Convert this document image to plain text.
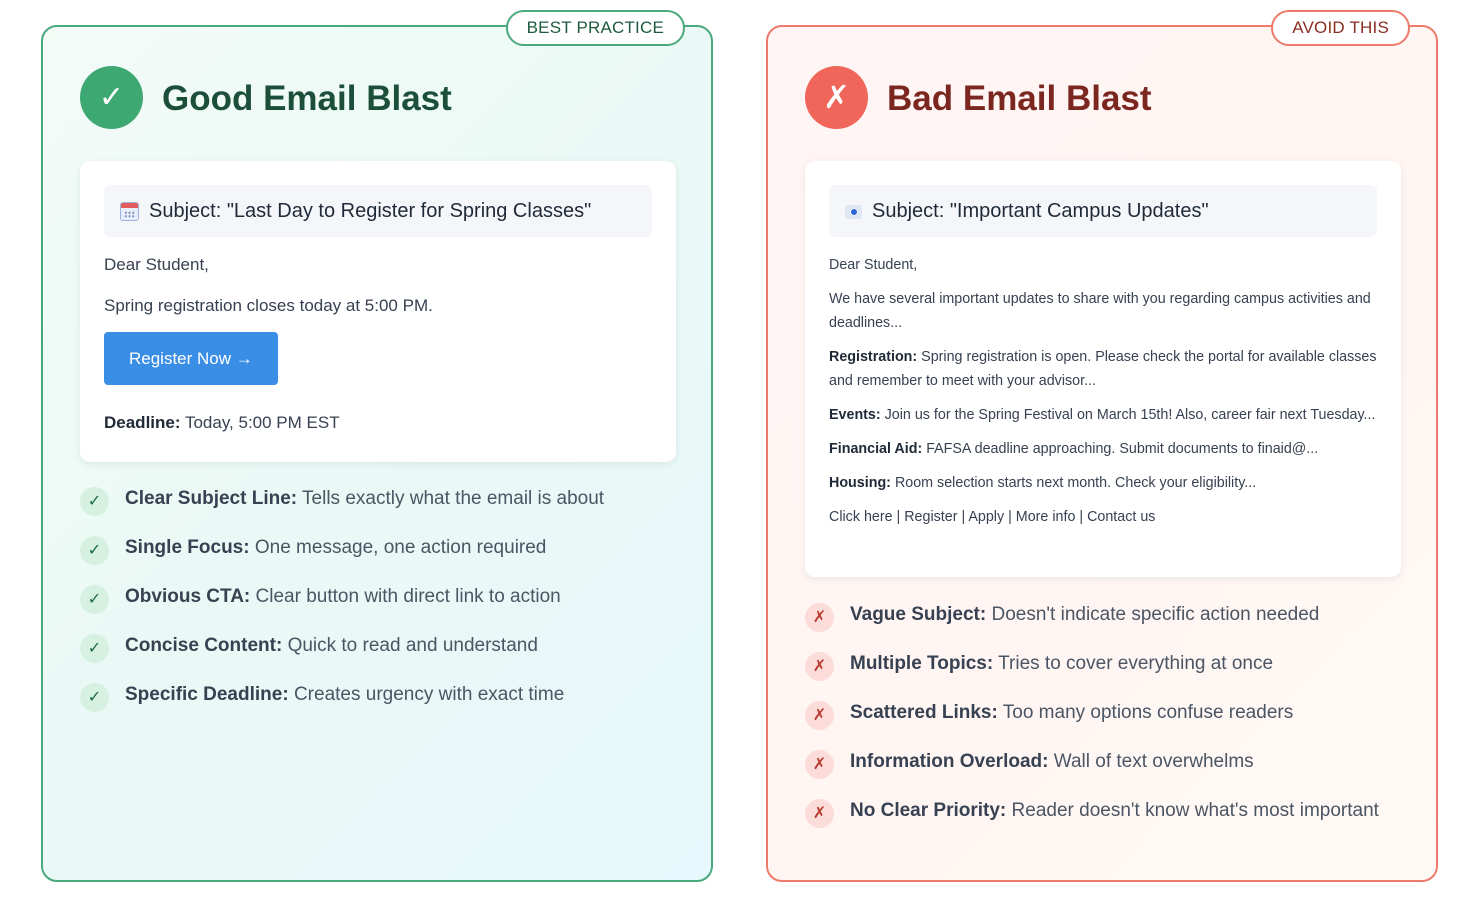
BEST PRACTICE
✓	Good Email Blast
Subject: "Last Day to Register for Spring Classes"

Dear Student,

Spring registration closes today at 5:00 PM.

Register Now →
Deadline: Today, 5:00 PM EST
✓	Clear Subject Line: Tells exactly what the email is about
✓	Single Focus: One message, one action required
✓	Obvious CTA: Clear button with direct link to action
✓	Concise Content: Quick to read and understand
✓	Specific Deadline: Creates urgency with exact time
AVOID THIS
✗	Bad Email Blast
Subject: "Important Campus Updates"

Dear Student,

We have several important updates to share with you regarding campus activities and deadlines...

Registration: Spring registration is open. Please check the portal for available classes and remember to meet with your advisor...

Events: Join us for the Spring Festival on March 15th! Also, career fair next Tuesday...

Financial Aid: FAFSA deadline approaching. Submit documents to finaid@...

Housing: Room selection starts next month. Check your eligibility...

Click here | Register | Apply | More info | Contact us

✗	Vague Subject: Doesn't indicate specific action needed
✗	Multiple Topics: Tries to cover everything at once
✗	Scattered Links: Too many options confuse readers
✗	Information Overload: Wall of text overwhelms
✗	No Clear Priority: Reader doesn't know what's most important
